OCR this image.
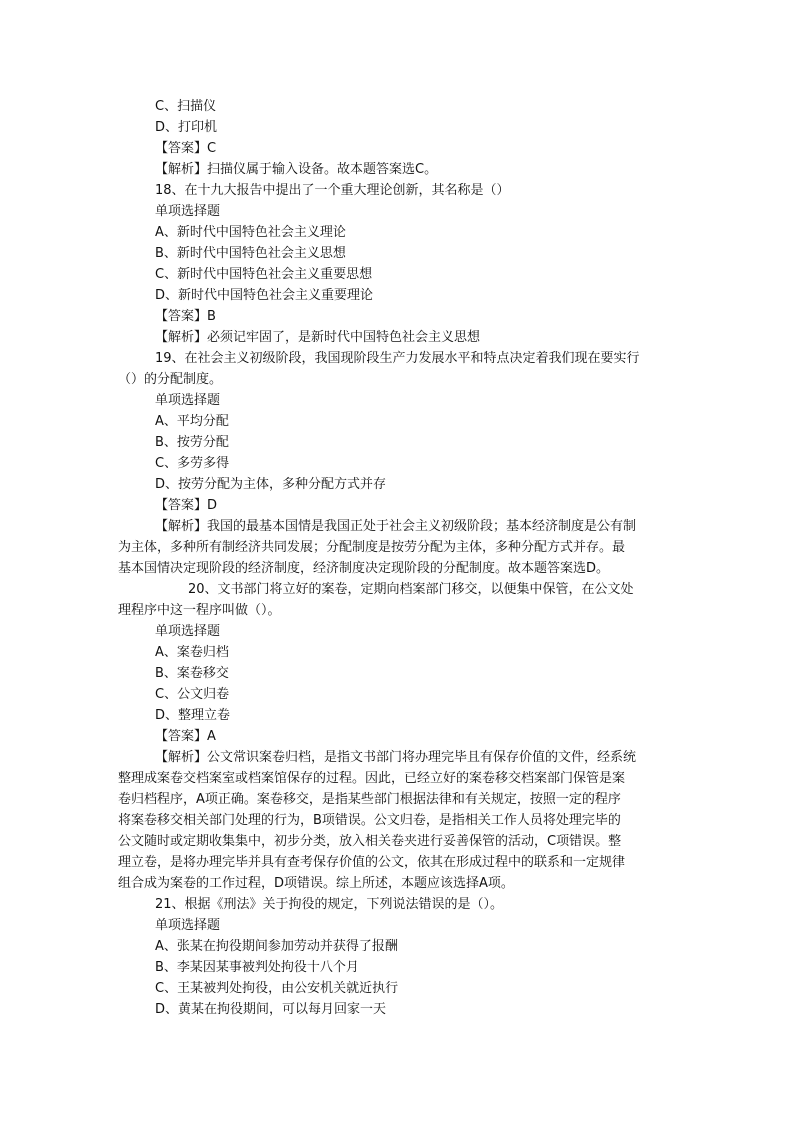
C、扫描仪
D、打印机
【答案】C
【解析】扫描仪属于输入设备。故本题答案选C。
18、在十九大报告中提出了一个重大理论创新，其名称是（）
单项选择题
A、新时代中国特色社会主义理论
B、新时代中国特色社会主义思想
C、新时代中国特色社会主义重要思想
D、新时代中国特色社会主义重要理论
【答案】B
【解析】必须记牢固了，是新时代中国特色社会主义思想
19、在社会主义初级阶段，我国现阶段生产力发展水平和特点决定着我们现在要实行
（）的分配制度。
单项选择题
A、平均分配
B、按劳分配
C、多劳多得
D、按劳分配为主体，多种分配方式并存
【答案】D
【解析】我国的最基本国情是我国正处于社会主义初级阶段；基本经济制度是公有制
为主体，多种所有制经济共同发展；分配制度是按劳分配为主体，多种分配方式并存。最
基本国情决定现阶段的经济制度，经济制度决定现阶段的分配制度。故本题答案选D。
20、文书部门将立好的案卷，定期向档案部门移交，以便集中保管，在公文处
理程序中这一程序叫做（）。
单项选择题
A、案卷归档
B、案卷移交
C、公文归卷
D、整理立卷
【答案】A
【解析】公文常识案卷归档，是指文书部门将办理完毕且有保存价值的文件，经系统
整理成案卷交档案室或档案馆保存的过程。因此，已经立好的案卷移交档案部门保管是案
卷归档程序，A项正确。案卷移交，是指某些部门根据法律和有关规定，按照一定的程序
将案卷移交相关部门处理的行为，B项错误。公文归卷，是指相关工作人员将处理完毕的
公文随时或定期收集集中，初步分类，放入相关卷夹进行妥善保管的活动，C项错误。整
理立卷，是将办理完毕并具有查考保存价值的公文，依其在形成过程中的联系和一定规律
组合成为案卷的工作过程，D项错误。综上所述，本题应该选择A项。
21、根据《刑法》关于拘役的规定，下列说法错误的是（）。
单项选择题
A、张某在拘役期间参加劳动并获得了报酬
B、李某因某事被判处拘役十八个月
C、王某被判处拘役，由公安机关就近执行
D、黄某在拘役期间，可以每月回家一天
